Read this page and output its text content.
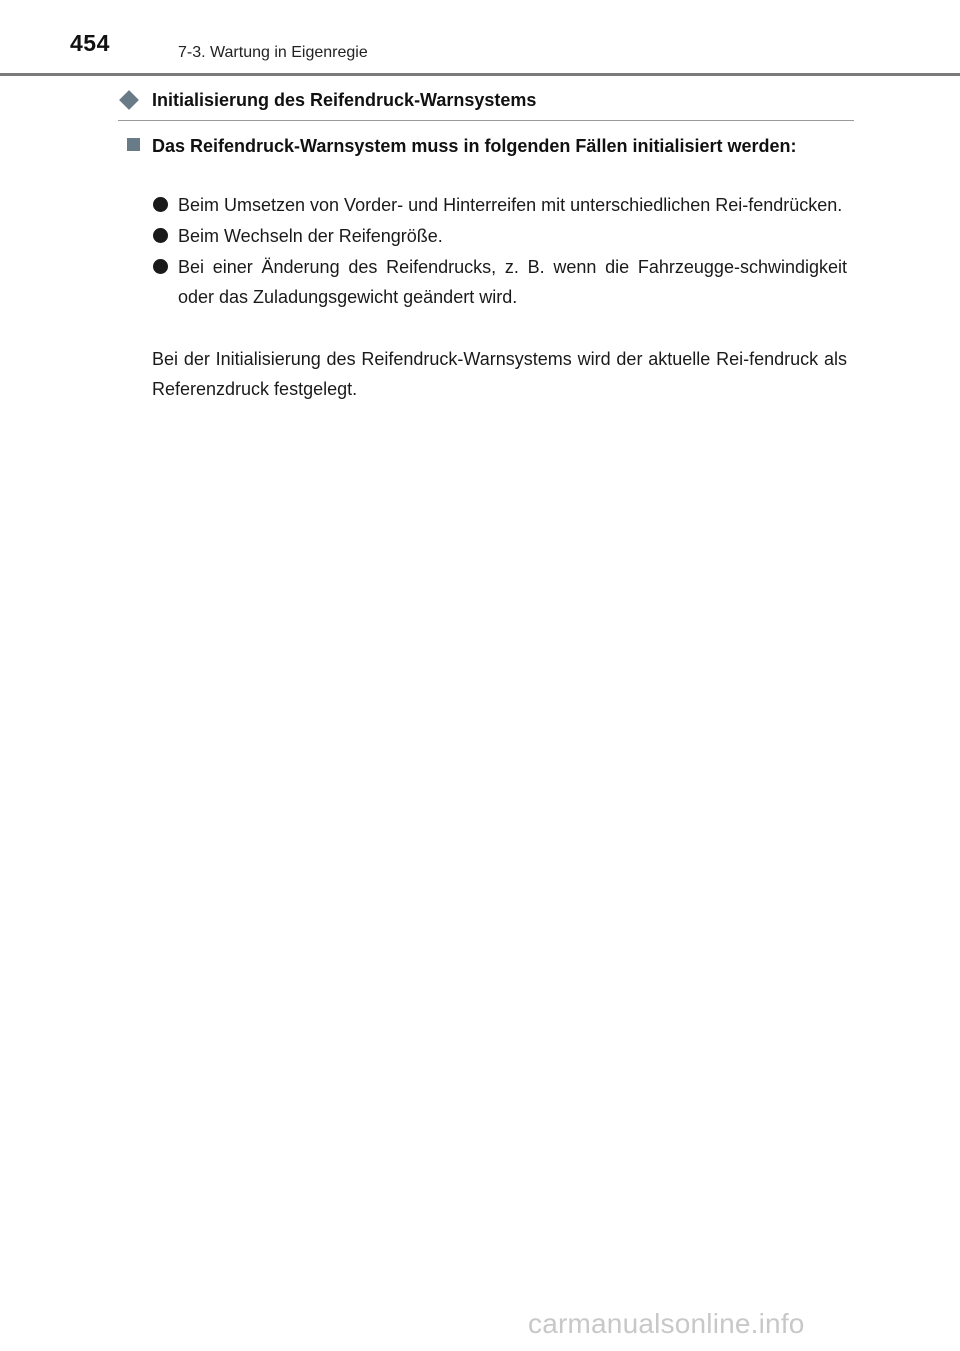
454	7-3. Wartung in Eigenregie
Initialisierung des Reifendruck-Warnsystems
Das Reifendruck-Warnsystem muss in folgenden Fällen initialisiert werden:
Beim Umsetzen von Vorder- und Hinterreifen mit unterschiedlichen Rei-fendrücken.
Beim Wechseln der Reifengröße.
Bei einer Änderung des Reifendrucks, z. B. wenn die Fahrzeugge-schwindigkeit oder das Zuladungsgewicht geändert wird.
Bei der Initialisierung des Reifendruck-Warnsystems wird der aktuelle Rei-fendruck als Referenzdruck festgelegt.
carmanualsonline.info
